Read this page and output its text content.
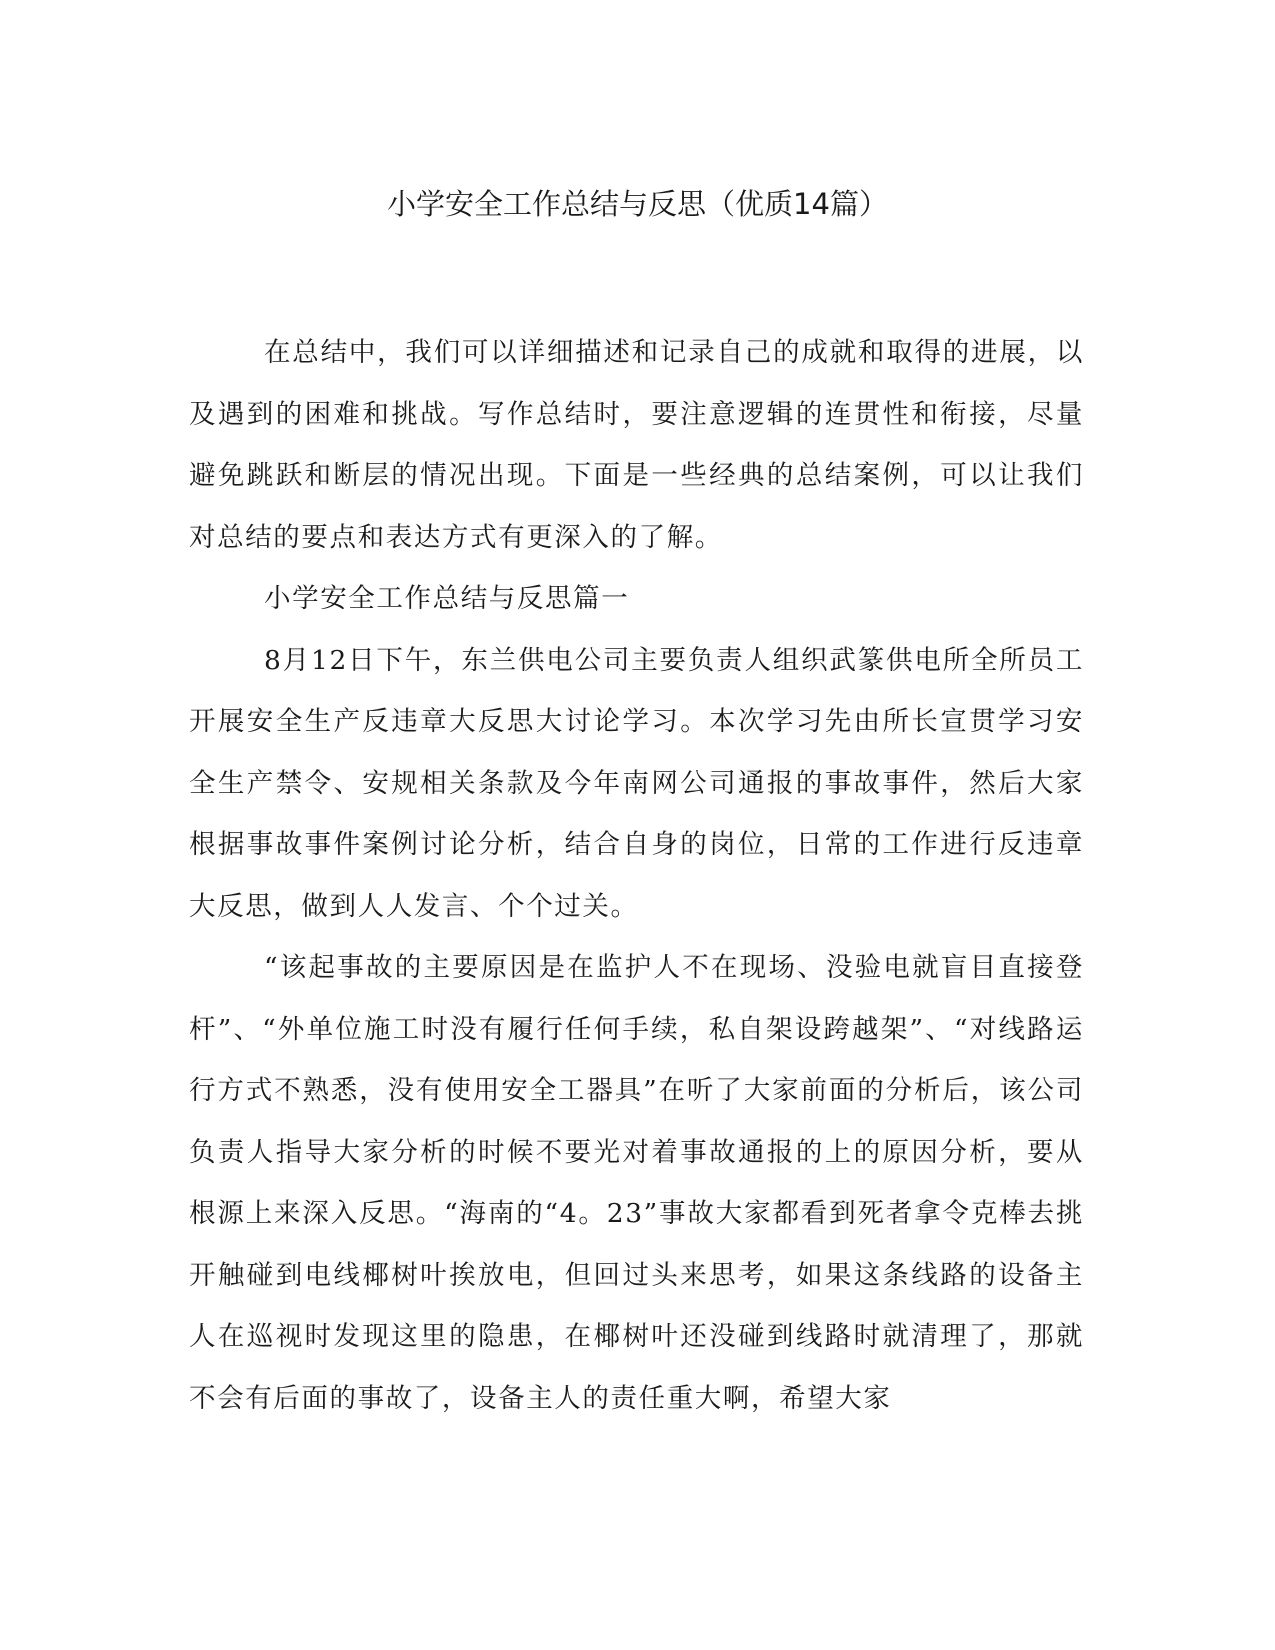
小学安全工作总结与反思（优质14篇）

在总结中，我们可以详细描述和记录自己的成就和取得的进展，以及遇到的困难和挑战。写作总结时，要注意逻辑的连贯性和衔接，尽量避免跳跃和断层的情况出现。下面是一些经典的总结案例，可以让我们对总结的要点和表达方式有更深入的了解。

小学安全工作总结与反思篇一

8月12日下午，东兰供电公司主要负责人组织武篆供电所全所员工开展安全生产反违章大反思大讨论学习。本次学习先由所长宣贯学习安全生产禁令、安规相关条款及今年南网公司通报的事故事件，然后大家根据事故事件案例讨论分析，结合自身的岗位，日常的工作进行反违章大反思，做到人人发言、个个过关。

“该起事故的主要原因是在监护人不在现场、没验电就盲目直接登杆”、“外单位施工时没有履行任何手续，私自架设跨越架”、“对线路运行方式不熟悉，没有使用安全工器具”在听了大家前面的分析后，该公司负责人指导大家分析的时候不要光对着事故通报的上的原因分析，要从根源上来深入反思。“海南的“4。23”事故大家都看到死者拿令克棒去挑开触碰到电线椰树叶挨放电，但回过头来思考，如果这条线路的设备主人在巡视时发现这里的隐患，在椰树叶还没碰到线路时就清理了，那就不会有后面的事故了，设备主人的责任重大啊，希望大家
